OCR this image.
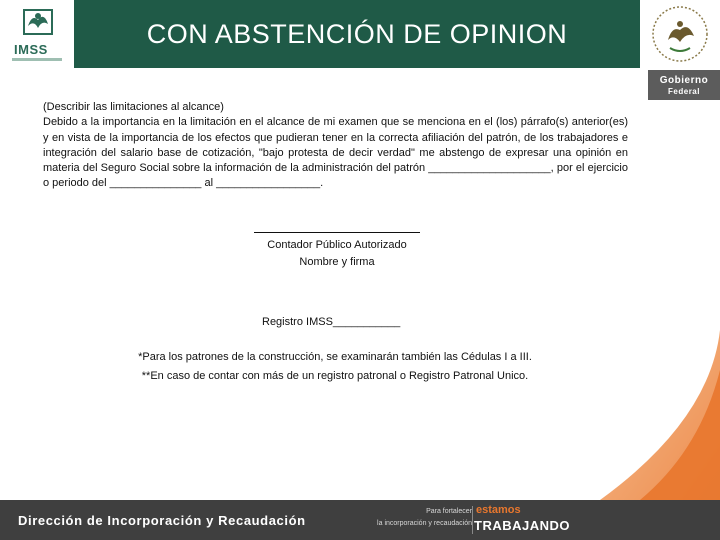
IMSS
CON ABSTENCIÓN DE OPINION
Gobierno
Federal

(Describir las limitaciones al alcance)

Debido a la importancia en la limitación en el alcance de mi examen que se menciona en el (los) párrafo(s) anterior(es) y en vista de la importancia de los efectos que pudieran tener en la correcta afiliación del patrón, de los trabajadores e integración del salario base de cotización, "bajo protesta de decir verdad" me abstengo de expresar una opinión en materia del Seguro Social sobre la información de la administración del patrón ____________________, por el ejercicio o periodo del _______________ al _________________.

Contador Público Autorizado
Nombre y firma
Registro IMSS___________
*Para los patrones de la construcción, se examinarán también las Cédulas I a III.
**En caso de contar con más de un registro patronal o Registro Patronal Unico.
Dirección de Incorporación y Recaudación
Para fortalecer
la incorporación y recaudación
estamos
TRABAJANDO
